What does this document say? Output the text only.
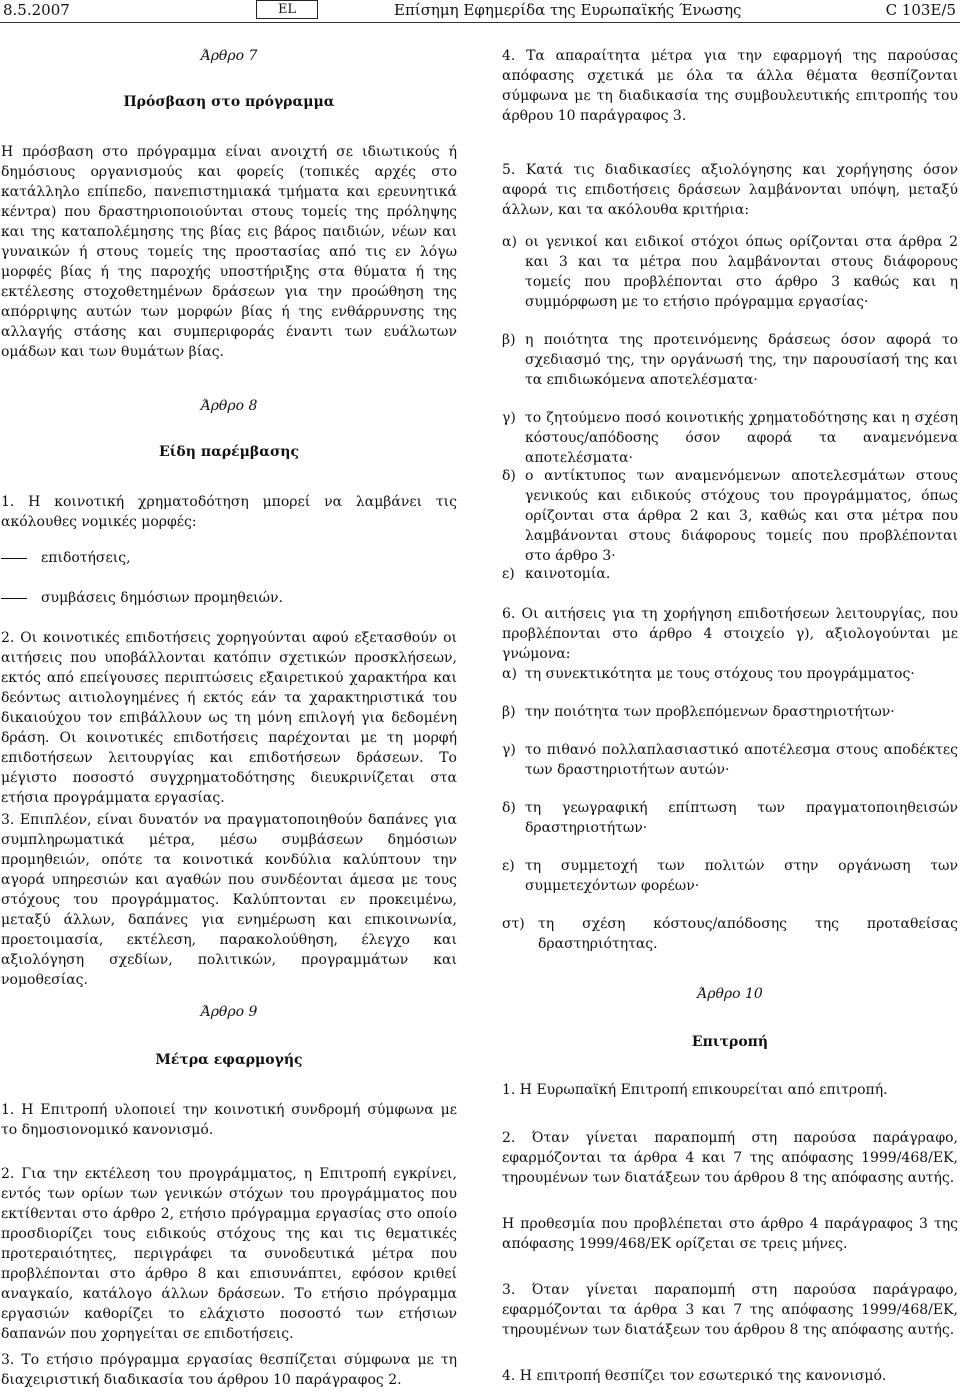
8.5.2007	EL	Επίσημη Εφημερίδα της Ευρωπαϊκής Ένωσης	C 103E/5
Άρθρο 7
Πρόσβαση στο πρόγραμμα
Η πρόσβαση στο πρόγραμμα είναι ανοιχτή σε ιδιωτικούς ή δημόσιους οργανισμούς και φορείς (τοπικές αρχές στο κατάλληλο επίπεδο, πανεπιστημιακά τμήματα και ερευνητικά κέντρα) που δραστηριοποιούνται στους τομείς της πρόληψης και της καταπολέμησης της βίας εις βάρος παιδιών, νέων και γυναικών ή στους τομείς της προστασίας από τις εν λόγω μορφές βίας ή της παροχής υποστήριξης στα θύματα ή της εκτέλεσης στοχοθετημένων δράσεων για την προώθηση της απόρριψης αυτών των μορφών βίας ή της ενθάρρυνσης της αλλαγής στάσης και συμπεριφοράς έναντι των ευάλωτων ομάδων και των θυμάτων βίας.
Άρθρο 8
Είδη παρέμβασης
1. Η κοινοτική χρηματοδότηση μπορεί να λαμβάνει τις ακόλουθες νομικές μορφές:
επιδοτήσεις,
συμβάσεις δημόσιων προμηθειών.
2. Οι κοινοτικές επιδοτήσεις χορηγούνται αφού εξετασθούν οι αιτήσεις που υποβάλλονται κατόπιν σχετικών προσκλήσεων, εκτός από επείγουσες περιπτώσεις εξαιρετικού χαρακτήρα και δεόντως αιτιολογημένες ή εκτός εάν τα χαρακτηριστικά του δικαιούχου τον επιβάλλουν ως τη μόνη επιλογή για δεδομένη δράση. Οι κοινοτικές επιδοτήσεις παρέχονται με τη μορφή επιδοτήσεων λειτουργίας και επιδοτήσεων δράσεων. Το μέγιστο ποσοστό συγχρηματοδότησης διευκρινίζεται στα ετήσια προγράμματα εργασίας.
3. Επιπλέον, είναι δυνατόν να πραγματοποιηθούν δαπάνες για συμπληρωματικά μέτρα, μέσω συμβάσεων δημόσιων προμηθειών, οπότε τα κοινοτικά κονδύλια καλύπτουν την αγορά υπηρεσιών και αγαθών που συνδέονται άμεσα με τους στόχους του προγράμματος. Καλύπτονται εν προκειμένω, μεταξύ άλλων, δαπάνες για ενημέρωση και επικοινωνία, προετοιμασία, εκτέλεση, παρακολούθηση, έλεγχο και αξιολόγηση σχεδίων, πολιτικών, προγραμμάτων και νομοθεσίας.
Άρθρο 9
Μέτρα εφαρμογής
1. Η Επιτροπή υλοποιεί την κοινοτική συνδρομή σύμφωνα με το δημοσιονομικό κανονισμό.
2. Για την εκτέλεση του προγράμματος, η Επιτροπή εγκρίνει, εντός των ορίων των γενικών στόχων του προγράμματος που εκτίθενται στο άρθρο 2, ετήσιο πρόγραμμα εργασίας στο οποίο προσδιορίζει τους ειδικούς στόχους της και τις θεματικές προτεραιότητες, περιγράφει τα συνοδευτικά μέτρα που προβλέπονται στο άρθρο 8 και επισυνάπτει, εφόσον κριθεί αναγκαίο, κατάλογο άλλων δράσεων. Το ετήσιο πρόγραμμα εργασιών καθορίζει το ελάχιστο ποσοστό των ετήσιων δαπανών που χορηγείται σε επιδοτήσεις.
3. Το ετήσιο πρόγραμμα εργασίας θεσπίζεται σύμφωνα με τη διαχειριστική διαδικασία του άρθρου 10 παράγραφος 2.
4. Τα απαραίτητα μέτρα για την εφαρμογή της παρούσας απόφασης σχετικά με όλα τα άλλα θέματα θεσπίζονται σύμφωνα με τη διαδικασία της συμβουλευτικής επιτροπής του άρθρου 10 παράγραφος 3.
5. Κατά τις διαδικασίες αξιολόγησης και χορήγησης όσον αφορά τις επιδοτήσεις δράσεων λαμβάνονται υπόψη, μεταξύ άλλων, και τα ακόλουθα κριτήρια:
α) οι γενικοί και ειδικοί στόχοι όπως ορίζονται στα άρθρα 2 και 3 και τα μέτρα που λαμβάνονται στους διάφορους τομείς που προβλέπονται στο άρθρο 3 καθώς και η συμμόρφωση με το ετήσιο πρόγραμμα εργασίας·
β) η ποιότητα της προτεινόμενης δράσεως όσον αφορά το σχεδιασμό της, την οργάνωσή της, την παρουσίασή της και τα επιδιωκόμενα αποτελέσματα·
γ) το ζητούμενο ποσό κοινοτικής χρηματοδότησης και η σχέση κόστους/απόδοσης όσον αφορά τα αναμενόμενα αποτελέσματα·
δ) ο αντίκτυπος των αναμενόμενων αποτελεσμάτων στους γενικούς και ειδικούς στόχους του προγράμματος, όπως ορίζονται στα άρθρα 2 και 3, καθώς και στα μέτρα που λαμβάνονται στους διάφορους τομείς που προβλέπονται στο άρθρο 3·
ε) καινοτομία.
6. Οι αιτήσεις για τη χορήγηση επιδοτήσεων λειτουργίας, που προβλέπονται στο άρθρο 4 στοιχείο γ), αξιολογούνται με γνώμονα:
α) τη συνεκτικότητα με τους στόχους του προγράμματος·
β) την ποιότητα των προβλεπόμενων δραστηριοτήτων·
γ) το πιθανό πολλαπλασιαστικό αποτέλεσμα στους αποδέκτες των δραστηριοτήτων αυτών·
δ) τη γεωγραφική επίπτωση των πραγματοποιηθεισών δραστηριοτήτων·
ε) τη συμμετοχή των πολιτών στην οργάνωση των συμμετεχόντων φορέων·
στ) τη σχέση κόστους/απόδοσης της προταθείσας δραστηριότητας.
Άρθρο 10
Επιτροπή
1. Η Ευρωπαϊκή Επιτροπή επικουρείται από επιτροπή.
2. Όταν γίνεται παραπομπή στη παρούσα παράγραφο, εφαρμόζονται τα άρθρα 4 και 7 της απόφασης 1999/468/ΕΚ, τηρουμένων των διατάξεων του άρθρου 8 της απόφασης αυτής.
Η προθεσμία που προβλέπεται στο άρθρο 4 παράγραφος 3 της απόφασης 1999/468/ΕΚ ορίζεται σε τρεις μήνες.
3. Όταν γίνεται παραπομπή στη παρούσα παράγραφο, εφαρμόζονται τα άρθρα 3 και 7 της απόφασης 1999/468/ΕΚ, τηρουμένων των διατάξεων του άρθρου 8 της απόφασης αυτής.
4. Η επιτροπή θεσπίζει τον εσωτερικό της κανονισμό.
